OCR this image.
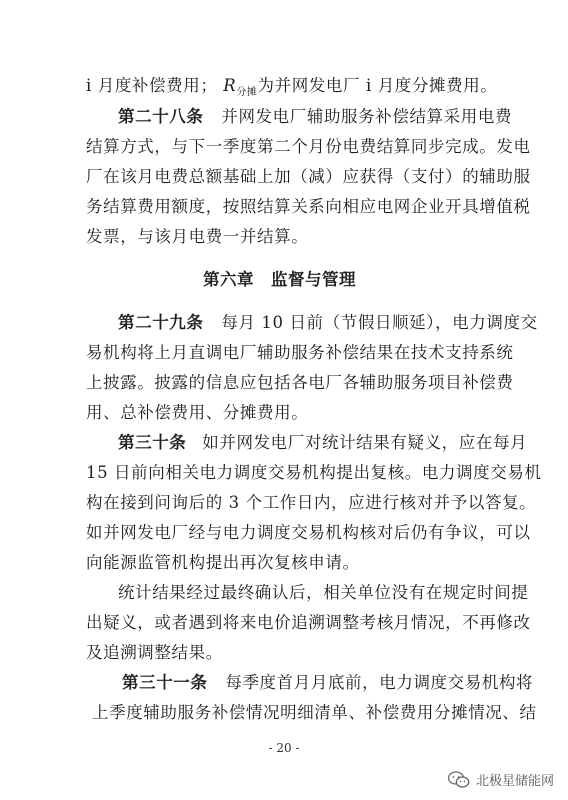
i 月度补偿费用； $R_{分摊}$为并网发电厂 i 月度分摊费用。
第二十八条 并网发电厂辅助服务补偿结算采用电费
结算方式，与下一季度第二个月份电费结算同步完成。发电
厂在该月电费总额基础上加（减）应获得（支付）的辅助服
务结算费用额度，按照结算关系向相应电网企业开具增值税
发票，与该月电费一并结算。
第六章　监督与管理
第二十九条 每月 10 日前（节假日顺延），电力调度交
易机构将上月直调电厂辅助服务补偿结果在技术支持系统
上披露。披露的信息应包括各电厂各辅助服务项目补偿费
用、总补偿费用、分摊费用。
第三十条 如并网发电厂对统计结果有疑义，应在每月
15 日前向相关电力调度交易机构提出复核。电力调度交易机
构在接到问询后的 3 个工作日内，应进行核对并予以答复。
如并网发电厂经与电力调度交易机构核对后仍有争议，可以
向能源监管机构提出再次复核申请。
统计结果经过最终确认后，相关单位没有在规定时间提
出疑义，或者遇到将来电价追溯调整考核月情况，不再修改
及追溯调整结果。
第三十一条 每季度首月月底前，电力调度交易机构将
上季度辅助服务补偿情况明细清单、补偿费用分摊情况、结
- 20 -
北极星储能网
